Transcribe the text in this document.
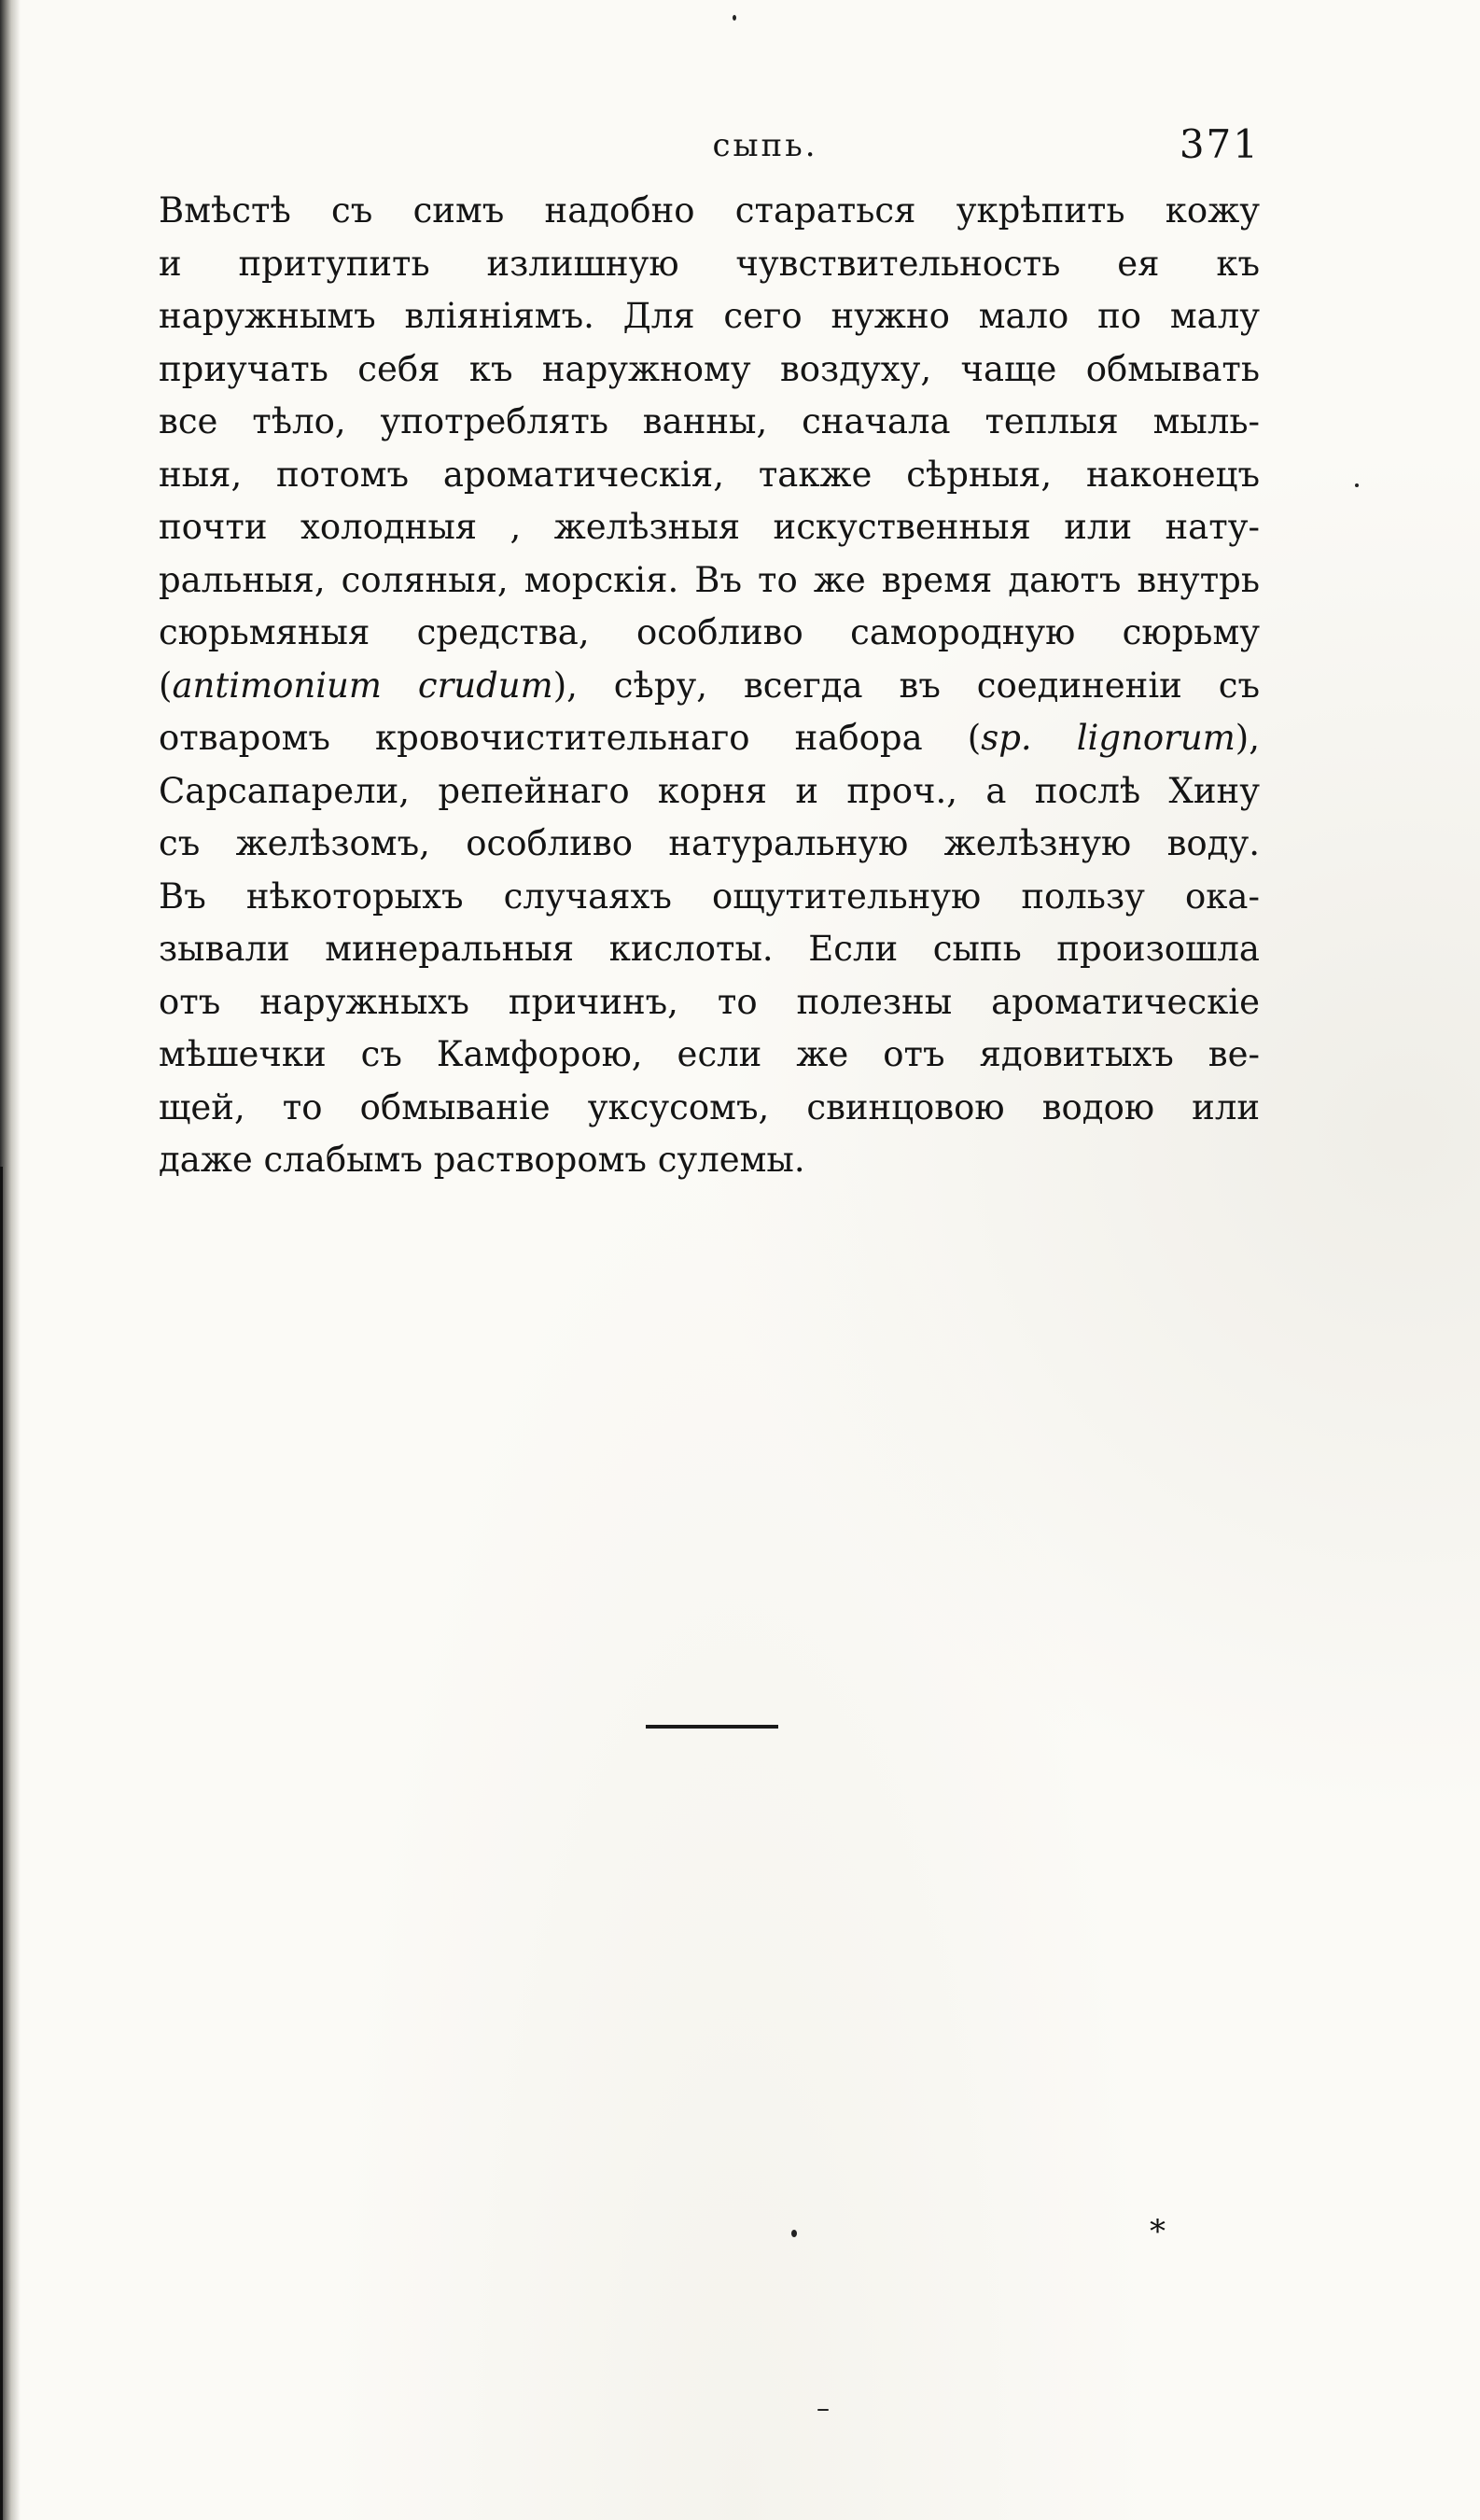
сыпь.	371
Вмѣстѣ съ симъ надобно стараться укрѣпить кожу
и притупить излишную чувствительность ея къ
наружнымъ вліяніямъ. Для сего нужно мало по малу
приучать себя къ наружному воздуху, чаще обмывать
все тѣло, употреблять ванны, сначала теплыя мыль-
ныя, потомъ ароматическія, также сѣрныя, наконецъ
почти холодныя , желѣзныя искуственныя или нату-
ральныя, соляныя, морскія. Въ то же время даютъ внутрь
сюрьмяныя средства, особливо самородную сюрьму
(antimonium crudum), сѣру, всегда въ соединеніи съ
отваромъ кровочистительнаго набора (sp. lignorum),
Сарсапарели, репейнаго корня и проч., а послѣ Хину
съ желѣзомъ, особливо натуральную желѣзную воду.
Въ нѣкоторыхъ случаяхъ ощутительную пользу ока-
зывали минеральныя кислоты. Если сыпь произошла
отъ наружныхъ причинъ, то полезны ароматическіе
мѣшечки съ Камфорою, если же отъ ядовитыхъ ве-
щей, то обмываніе уксусомъ, свинцовою водою или
даже слабымъ растворомъ сулемы.
*
